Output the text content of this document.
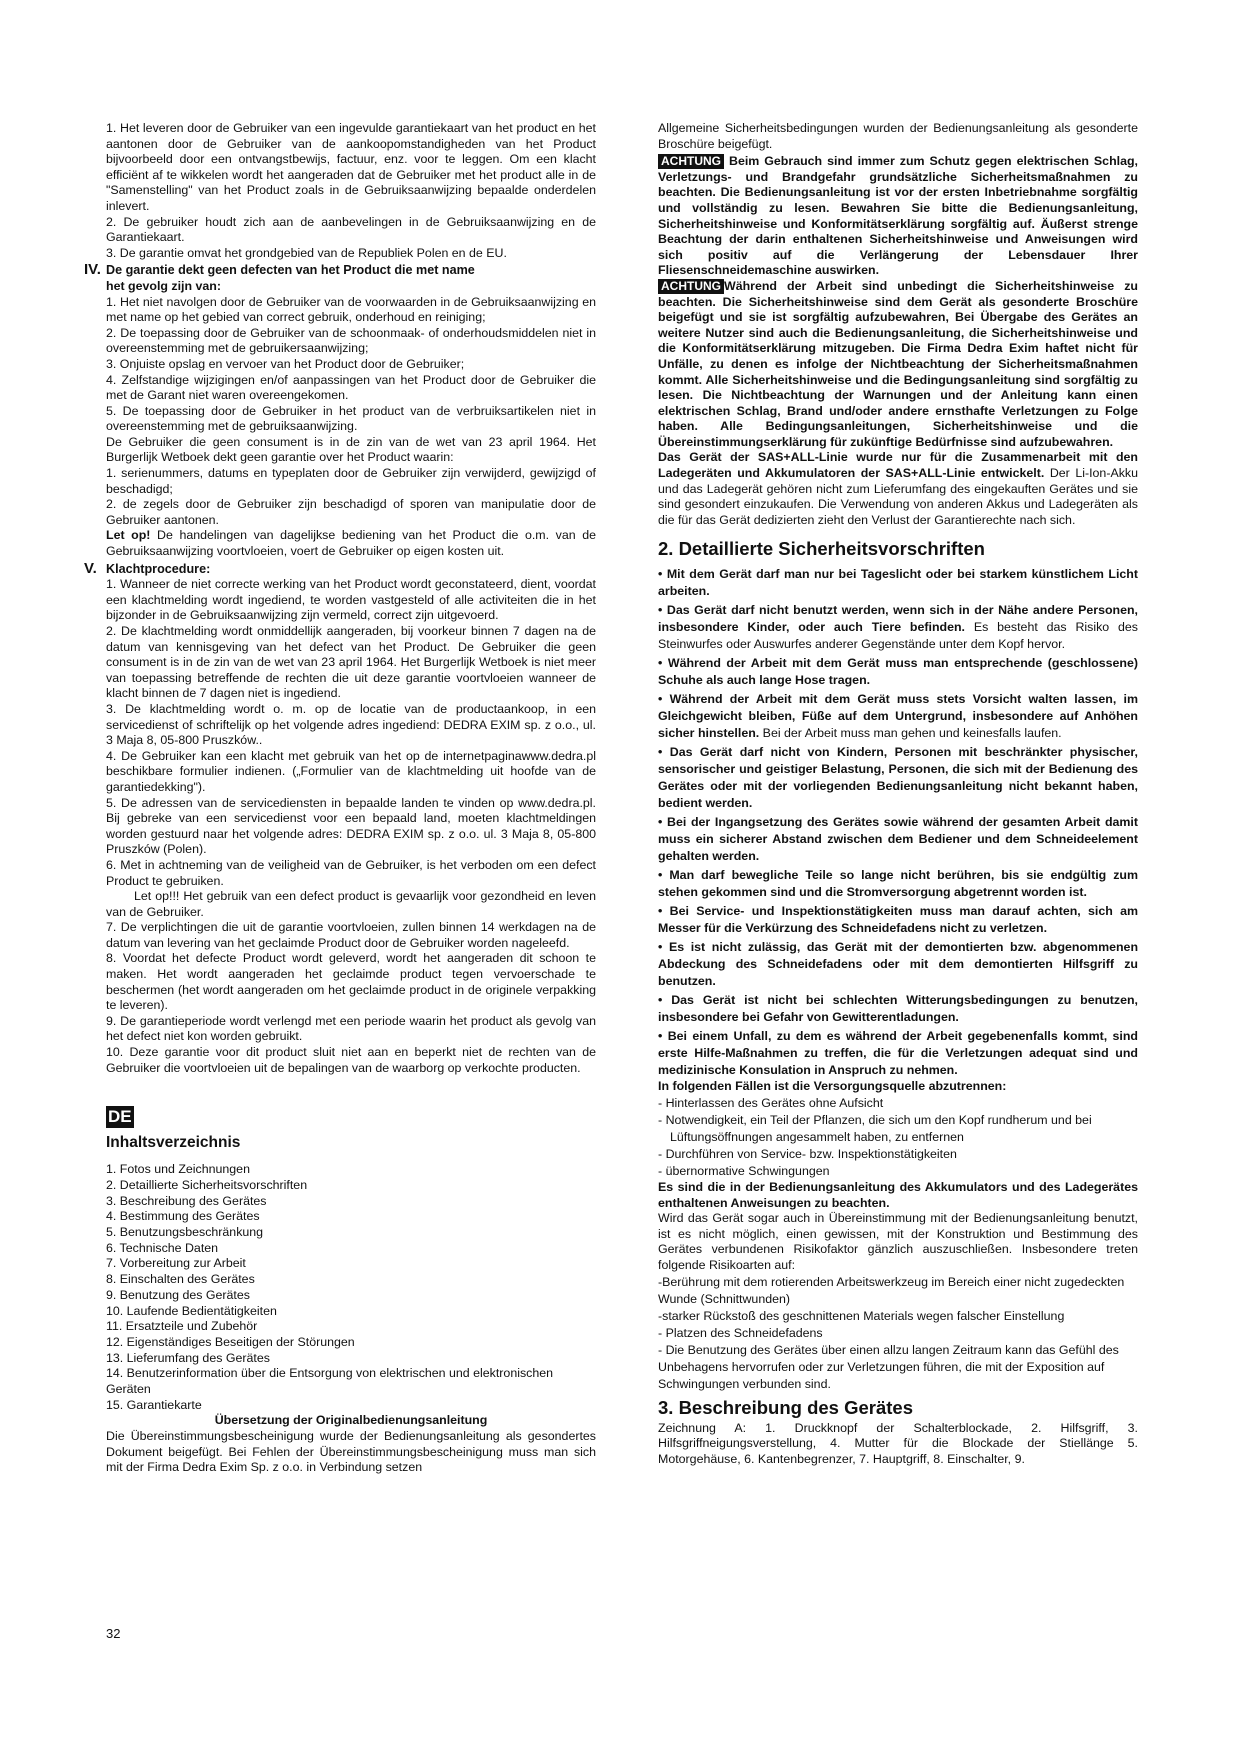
1. Het leveren door de Gebruiker van een ingevulde garantiekaart van het product en het aantonen door de Gebruiker van de aankoopomstandigheden van het Product bijvoorbeeld door een ontvangstbewijs, factuur, enz. voor te leggen. Om een klacht efficiënt af te wikkelen wordt het aangeraden dat de Gebruiker met het product alle in de "Samenstelling" van het Product zoals in de Gebruiksaanwijzing bepaalde onderdelen inlevert.

2. De gebruiker houdt zich aan de aanbevelingen in de Gebruiksaanwijzing en de Garantiekaart.

3. De garantie omvat het grondgebied van de Republiek Polen en de EU.

IV. De garantie dekt geen defecten van het Product die met name

het gevolg zijn van:

1. Het niet navolgen door de Gebruiker van de voorwaarden in de Gebruiksaanwijzing en met name op het gebied van correct gebruik, onderhoud en reiniging;

2. De toepassing door de Gebruiker van de schoonmaak- of onderhoudsmiddelen niet in overeenstemming met de gebruikersaanwijzing;

3. Onjuiste opslag en vervoer van het Product door de Gebruiker;

4. Zelfstandige wijzigingen en/of aanpassingen van het Product door de Gebruiker die met de Garant niet waren overeengekomen.

5. De toepassing door de Gebruiker in het product van de verbruiksartikelen niet in overeenstemming met de gebruiksaanwijzing.

De Gebruiker die geen consument is in de zin van de wet van 23 april 1964. Het Burgerlijk Wetboek dekt geen garantie over het Product waarin:

1. serienummers, datums en typeplaten door de Gebruiker zijn verwijderd, gewijzigd of beschadigd;

2. de zegels door de Gebruiker zijn beschadigd of sporen van manipulatie door de Gebruiker aantonen.

Let op! De handelingen van dagelijkse bediening van het Product die o.m. van de Gebruiksaanwijzing voortvloeien, voert de Gebruiker op eigen kosten uit.

V. Klachtprocedure:

1. Wanneer de niet correcte werking van het Product wordt geconstateerd, dient, voordat een klachtmelding wordt ingediend, te worden vastgesteld of alle activiteiten die in het bijzonder in de Gebruiksaanwijzing zijn vermeld, correct zijn uitgevoerd.

2. De klachtmelding wordt onmiddellijk aangeraden, bij voorkeur binnen 7 dagen na de datum van kennisgeving van het defect van het Product. De Gebruiker die geen consument is in de zin van de wet van 23 april 1964. Het Burgerlijk Wetboek is niet meer van toepassing betreffende de rechten die uit deze garantie voortvloeien wanneer de klacht binnen de 7 dagen niet is ingediend.

3. De klachtmelding wordt o. m. op de locatie van de productaankoop, in een servicedienst of schriftelijk op het volgende adres ingediend: DEDRA EXIM sp. z o.o., ul. 3 Maja 8, 05-800 Pruszków..

4. De Gebruiker kan een klacht met gebruik van het op de internetpaginawww.dedra.pl beschikbare formulier indienen. („Formulier van de klachtmelding uit hoofde van de garantiedekking").

5. De adressen van de servicediensten in bepaalde landen te vinden op www.dedra.pl. Bij gebreke van een servicedienst voor een bepaald land, moeten klachtmeldingen worden gestuurd naar het volgende adres: DEDRA EXIM sp. z o.o. ul. 3 Maja 8, 05-800 Pruszków (Polen).

6. Met in achtneming van de veiligheid van de Gebruiker, is het verboden om een defect Product te gebruiken.

Let op!!! Het gebruik van een defect product is gevaarlijk voor gezondheid en leven van de Gebruiker.

7. De verplichtingen die uit de garantie voortvloeien, zullen binnen 14 werkdagen na de datum van levering van het geclaimde Product door de Gebruiker worden nageleefd.

8. Voordat het defecte Product wordt geleverd, wordt het aangeraden dit schoon te maken. Het wordt aangeraden het geclaimde product tegen vervoerschade te beschermen (het wordt aangeraden om het geclaimde product in de originele verpakking te leveren).

9. De garantieperiode wordt verlengd met een periode waarin het product als gevolg van het defect niet kon worden gebruikt.

10. Deze garantie voor dit product sluit niet aan en beperkt niet de rechten van de Gebruiker die voortvloeien uit de bepalingen van de waarborg op verkochte producten.

DE
Inhaltsverzeichnis

1. Fotos und Zeichnungen

2. Detaillierte Sicherheitsvorschriften

3. Beschreibung des Gerätes

4. Bestimmung des Gerätes

5. Benutzungsbeschränkung

6. Technische Daten

7. Vorbereitung zur Arbeit

8. Einschalten des Gerätes

9. Benutzung des Gerätes

10. Laufende Bedientätigkeiten

11. Ersatzteile und Zubehör

12. Eigenständiges Beseitigen der Störungen

13. Lieferumfang des Gerätes

14. Benutzerinformation über die Entsorgung von elektrischen und elektronischen Geräten

15. Garantiekarte

Übersetzung der Originalbedienungsanleitung

Die Übereinstimmungsbescheinigung wurde der Bedienungsanleitung als gesondertes Dokument beigefügt. Bei Fehlen der Übereinstimmungsbescheinigung muss man sich mit der Firma Dedra Exim Sp. z o.o. in Verbindung setzen

Allgemeine Sicherheitsbedingungen wurden der Bedienungsanleitung als gesonderte Broschüre beigefügt.

ACHTUNG Beim Gebrauch sind immer zum Schutz gegen elektrischen Schlag, Verletzungs- und Brandgefahr grundsätzliche Sicherheitsmaßnahmen zu beachten. Die Bedienungsanleitung ist vor der ersten Inbetriebnahme sorgfältig und vollständig zu lesen. Bewahren Sie bitte die Bedienungsanleitung, Sicherheitshinweise und Konformitätserklärung sorgfältig auf. Äußerst strenge Beachtung der darin enthaltenen Sicherheitshinweise und Anweisungen wird sich positiv auf die Verlängerung der Lebensdauer Ihrer Fliesenschneidemaschine auswirken.

ACHTUNG Während der Arbeit sind unbedingt die Sicherheitshinweise zu beachten. Die Sicherheitshinweise sind dem Gerät als gesonderte Broschüre beigefügt und sie ist sorgfältig aufzubewahren, Bei Übergabe des Gerätes an weitere Nutzer sind auch die Bedienungsanleitung, die Sicherheitshinweise und die Konformitätserklärung mitzugeben. Die Firma Dedra Exim haftet nicht für Unfälle, zu denen es infolge der Nichtbeachtung der Sicherheitsmaßnahmen kommt. Alle Sicherheitshinweise und die Bedingungsanleitung sind sorgfältig zu lesen. Die Nichtbeachtung der Warnungen und der Anleitung kann einen elektrischen Schlag, Brand und/oder andere ernsthafte Verletzungen zu Folge haben. Alle Bedingungsanleitungen, Sicherheitshinweise und die Übereinstimmungserklärung für zukünftige Bedürfnisse sind aufzubewahren.

Das Gerät der SAS+ALL-Linie wurde nur für die Zusammenarbeit mit den Ladegeräten und Akkumulatoren der SAS+ALL-Linie entwickelt. Der Li-Ion-Akku und das Ladegerät gehören nicht zum Lieferumfang des eingekauften Gerätes und sie sind gesondert einzukaufen. Die Verwendung von anderen Akkus und Ladegeräten als die für das Gerät dedizierten zieht den Verlust der Garantierechte nach sich.

2. Detaillierte Sicherheitsvorschriften

• Mit dem Gerät darf man nur bei Tageslicht oder bei starkem künstlichem Licht arbeiten.

• Das Gerät darf nicht benutzt werden, wenn sich in der Nähe andere Personen, insbesondere Kinder, oder auch Tiere befinden. Es besteht das Risiko des Steinwurfes oder Auswurfes anderer Gegenstände unter dem Kopf hervor.

• Während der Arbeit mit dem Gerät muss man entsprechende (geschlossene) Schuhe als auch lange Hose tragen.

• Während der Arbeit mit dem Gerät muss stets Vorsicht walten lassen, im Gleichgewicht bleiben, Füße auf dem Untergrund, insbesondere auf Anhöhen sicher hinstellen. Bei der Arbeit muss man gehen und keinesfalls laufen.

• Das Gerät darf nicht von Kindern, Personen mit beschränkter physischer, sensorischer und geistiger Belastung, Personen, die sich mit der Bedienung des Gerätes oder mit der vorliegenden Bedienungsanleitung nicht bekannt haben, bedient werden.

• Bei der Ingangsetzung des Gerätes sowie während der gesamten Arbeit damit muss ein sicherer Abstand zwischen dem Bediener und dem Schneideelement gehalten werden.

• Man darf bewegliche Teile so lange nicht berühren, bis sie endgültig zum stehen gekommen sind und die Stromversorgung abgetrennt worden ist.

• Bei Service- und Inspektionstätigkeiten muss man darauf achten, sich am Messer für die Verkürzung des Schneidefadens nicht zu verletzen.

• Es ist nicht zulässig, das Gerät mit der demontierten bzw. abgenommenen Abdeckung des Schneidefadens oder mit dem demontierten Hilfsgriff zu benutzen.

• Das Gerät ist nicht bei schlechten Witterungsbedingungen zu benutzen, insbesondere bei Gefahr von Gewitterentladungen.

• Bei einem Unfall, zu dem es während der Arbeit gegebenenfalls kommt, sind erste Hilfe-Maßnahmen zu treffen, die für die Verletzungen adequat sind und medizinische Konsulation in Anspruch zu nehmen.

In folgenden Fällen ist die Versorgungsquelle abzutrennen:

- Hinterlassen des Gerätes ohne Aufsicht

- Notwendigkeit, ein Teil der Pflanzen, die sich um den Kopf rundherum und bei Lüftungsöffnungen angesammelt haben, zu entfernen

- Durchführen von Service- bzw. Inspektionstätigkeiten

- übernormative Schwingungen

Es sind die in der Bedienungsanleitung des Akkumulators und des Ladegerätes enthaltenen Anweisungen zu beachten.

Wird das Gerät sogar auch in Übereinstimmung mit der Bedienungsanleitung benutzt, ist es nicht möglich, einen gewissen, mit der Konstruktion und Bestimmung des Gerätes verbundenen Risikofaktor gänzlich auszuschließen. Insbesondere treten folgende Risikoarten auf:

-Berührung mit dem rotierenden Arbeitswerkzeug im Bereich einer nicht zugedeckten Wunde (Schnittwunden)

-starker Rückstoß des geschnittenen Materials wegen falscher Einstellung

- Platzen des Schneidefadens

- Die Benutzung des Gerätes über einen allzu langen Zeitraum kann das Gefühl des Unbehagens hervorrufen oder zur Verletzungen führen, die mit der Exposition auf Schwingungen verbunden sind.

3. Beschreibung des Gerätes

Zeichnung A: 1. Druckknopf der Schalterblockade, 2. Hilfsgriff, 3. Hilfsgriffneigungsverstellung, 4. Mutter für die Blockade der Stiellänge 5. Motorgehäuse, 6. Kantenbegrenzer, 7. Hauptgriff, 8. Einschalter, 9.

32
